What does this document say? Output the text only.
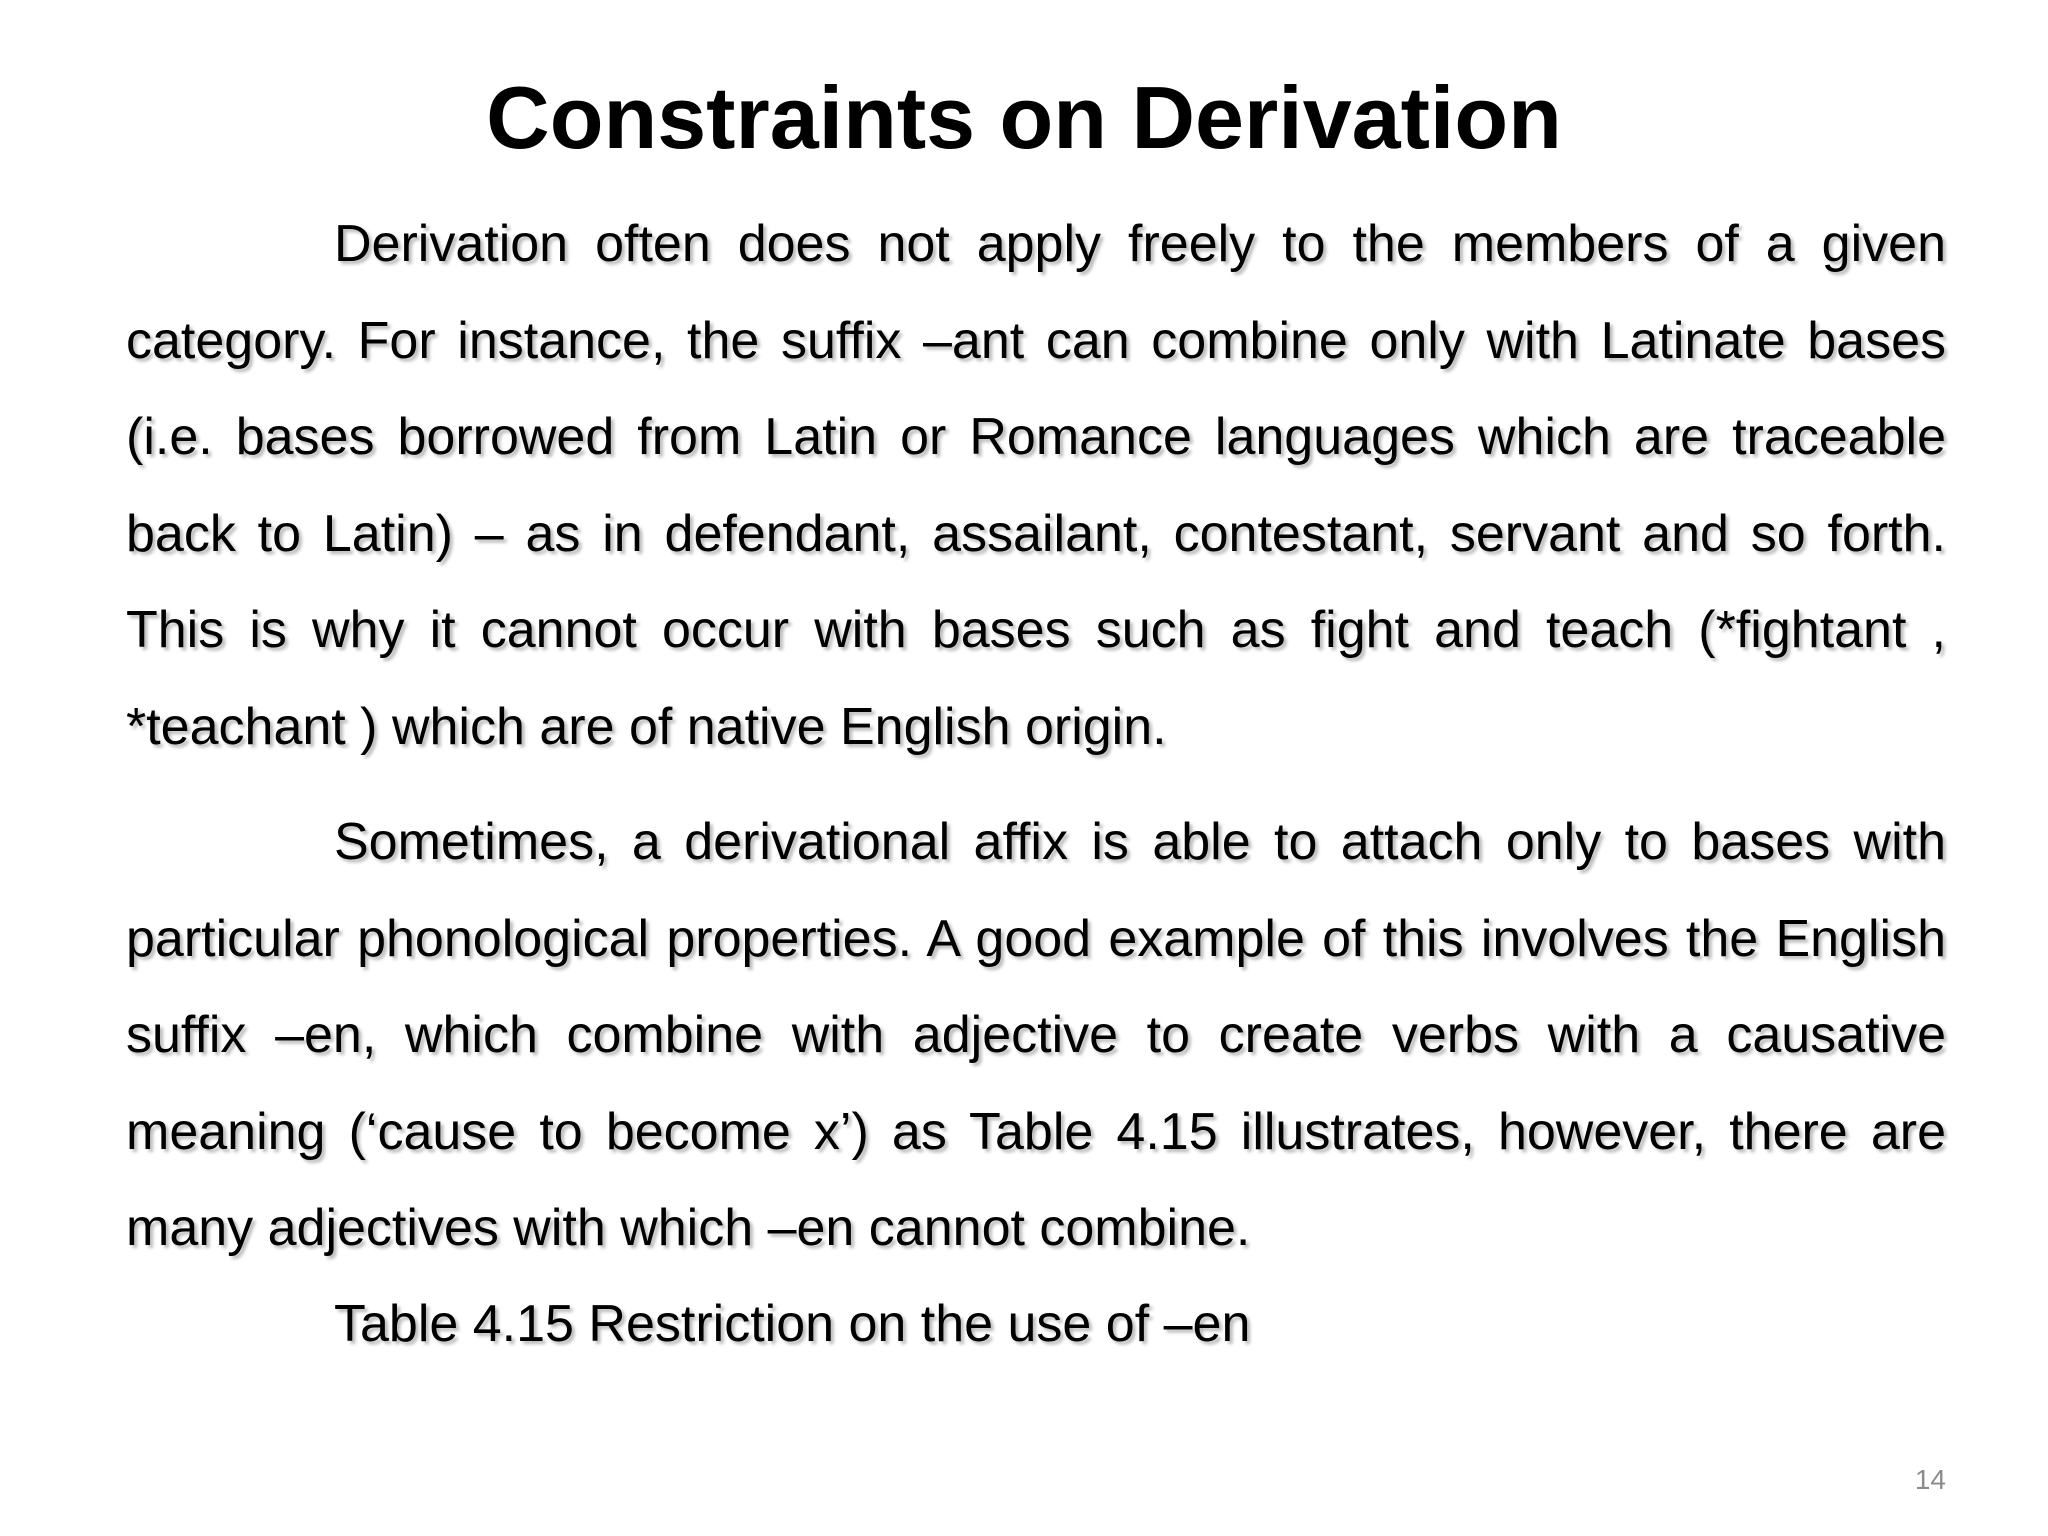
Constraints on Derivation

Derivation often does not apply freely to the members of a given category. For instance, the suffix –ant can combine only with Latinate bases (i.e. bases borrowed from Latin or Romance languages which are traceable back to Latin) – as in defendant, assailant, contestant, servant and so forth. This is why it cannot occur with bases such as fight and teach (*fightant , *teachant ) which are of native English origin.

Sometimes, a derivational affix is able to attach only to bases with particular phonological properties. A good example of this involves the English suffix –en, which combine with adjective to create verbs with a causative meaning (‘cause to become x’) as Table 4.15 illustrates, however, there are many adjectives with which –en cannot combine.

Table 4.15 Restriction on the use of –en

14
